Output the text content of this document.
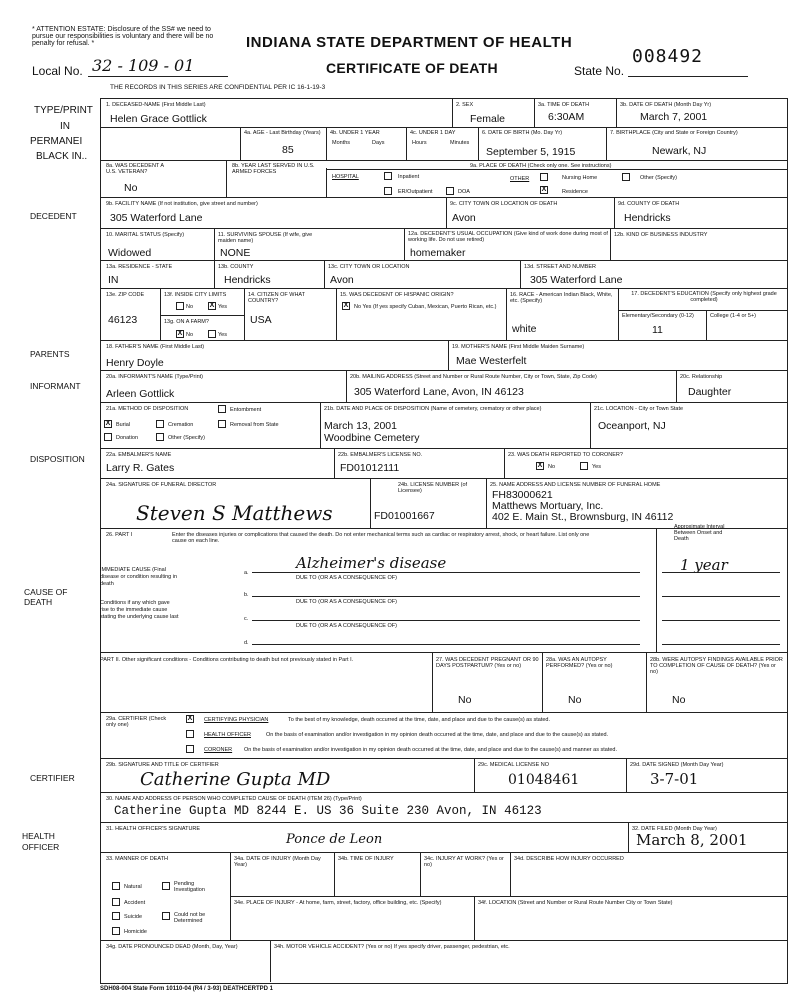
* ATTENTION ESTATE: Disclosure of the SS# we need to pursue our responsibilities is voluntary and there will be no penalty for refusal. *
Local No. 32 - 109 - 01
INDIANA STATE DEPARTMENT OF HEALTH
CERTIFICATE OF DEATH	State No.
008492
THE RECORDS IN THIS SERIES ARE CONFIDENTIAL PER IC 16-1-19-3
TYPE/PRINT
IN
PERMANEI
BLACK IN..
DECEDENT
PARENTS
INFORMANT
DISPOSITION
CAUSE OF
DEATH
CERTIFIER
HEALTH
OFFICER
1. DECEASED-NAME (First Middle Last)
Helen Grace Gottlick
2. SEX
Female
3a. TIME OF DEATH
6:30AM
3b. DATE OF DEATH (Month Day Yr)
March 7, 2001
4a. AGE - Last Birthday (Years)
85
4b. UNDER 1 YEAR
Months	Days
4c. UNDER 1 DAY
Hours	Minutes
6. DATE OF BIRTH (Mo. Day Yr)
September 5, 1915
7. BIRTHPLACE (City and State or Foreign Country)
Newark, NJ
8a. WAS DECEDENT A U.S. VETERAN?
No
8b. YEAR LAST SERVED IN U.S. ARMED FORCES
9a. PLACE OF DEATH (Check only one. See instructions)
HOSPITAL	Inpatient
ER/Outpatient	DOA
OTHER	Nursing Home	Other (Specify)
X	Residence
9b. FACILITY NAME (If not institution, give street and number)
305 Waterford Lane
9c. CITY TOWN OR LOCATION OF DEATH
Avon
9d. COUNTY OF DEATH
Hendricks
10. MARITAL STATUS (Specify)
Widowed
11. SURVIVING SPOUSE (If wife, give maiden name)
NONE
12a. DECEDENT'S USUAL OCCUPATION (Give kind of work done during most of working life. Do not use retired)
homemaker
12b. KIND OF BUSINESS INDUSTRY
13a. RESIDENCE - STATE
IN
13b. COUNTY
Hendricks
13c. CITY TOWN OR LOCATION
Avon
13d. STREET AND NUMBER
305 Waterford Lane
13e. ZIP CODE
46123
13f. INSIDE CITY LIMITS
No X Yes
13g. ON A FARM?
X No	Yes
14. CITIZEN OF WHAT COUNTRY?
USA
15. WAS DECEDENT OF HISPANIC ORIGIN?
X	No Yes (If yes specify Cuban, Mexican, Puerto Rican, etc.)
16. RACE - American Indian Black, White, etc. (Specify)
white
17. DECEDENT'S EDUCATION (Specify only highest grade completed)
Elementary/Secondary (0-12)	College (1-4 or 5+)
11
18. FATHER'S NAME (First Middle Last)
Henry Doyle
19. MOTHER'S NAME (First Middle Maiden Surname)
Mae Westerfelt
20a. INFORMANT'S NAME (Type/Print)
Arleen Gottlick
20b. MAILING ADDRESS (Street and Number or Rural Route Number, City or Town, State, Zip Code)
305 Waterford Lane, Avon, IN 46123
20c. Relationship
Daughter
21a. METHOD OF DISPOSITION	Entombment
X	Burial	Cremation	Removal from State
Donation	Other (Specify)
21b. DATE AND PLACE OF DISPOSITION (Name of cemetery, crematory or other place)
March 13, 2001
Woodbine Cemetery
21c. LOCATION - City or Town State
Oceanport, NJ
22a. EMBALMER'S NAME
Larry R. Gates
22b. EMBALMER'S LICENSE NO.
FD01012111
23. WAS DEATH REPORTED TO CORONER?
X	No	Yes
24a. SIGNATURE OF FUNERAL DIRECTOR
Steven S Matthews
24b. LICENSE NUMBER (of Licensee)
FD01001667
25. NAME ADDRESS AND LICENSE NUMBER OF FUNERAL HOME
FH83000621
Matthews Mortuary, Inc.
402 E. Main St., Brownsburg, IN 46112
26. PART I	Enter the diseases injuries or complications that caused the death. Do not enter mechanical terms such as cardiac or respiratory arrest, shock, or heart failure. List only one cause on each line.
Approximate Interval Between Onset and Death
IMMEDIATE CAUSE (Final disease or condition resulting in death
a.
Alzheimer's disease	1 year
DUE TO (OR AS A CONSEQUENCE OF)
Conditions if any which gave rise to the immediate cause stating the underlying cause last
b.
DUE TO (OR AS A CONSEQUENCE OF)
c.
DUE TO (OR AS A CONSEQUENCE OF)
d.
PART II. Other significant conditions - Conditions contributing to death but not previously stated in Part I.	27. WAS DECEDENT PREGNANT OR 90 DAYS POSTPARTUM? (Yes or no)
No
28a. WAS AN AUTOPSY PERFORMED? (Yes or no)
No
28b. WERE AUTOPSY FINDINGS AVAILABLE PRIOR TO COMPLETION OF CAUSE OF DEATH? (Yes or no)
No
29a. CERTIFIER (Check only one)
X	CERTIFYING PHYSICIAN	To the best of my knowledge, death occurred at the time, date, and place and due to the cause(s) as stated.
HEALTH OFFICER	On the basis of examination and/or investigation in my opinion death occurred at the time, date, and place and due to the cause(s) as stated.
CORONER On the basis of examination and/or investigation in my opinion death occurred at the time, date, and place and due to the cause(s) and manner as stated.
29b. SIGNATURE AND TITLE OF CERTIFIER
Catherine Gupta MD
29c. MEDICAL LICENSE NO
01048461
29d. DATE SIGNED (Month Day Year)
3-7-01
30. NAME AND ADDRESS OF PERSON WHO COMPLETED CAUSE OF DEATH (ITEM 26) (Type/Print)
Catherine Gupta MD 8244 E. US 36 Suite 230 Avon, IN 46123
31. HEALTH OFFICER'S SIGNATURE
Ponce de Leon
32. DATE FILED (Month Day Year)
March 8, 2001
33. MANNER OF DEATH
Natural	Pending Investigation
Accident
Suicide	Could not be Determined
Homicide
34a. DATE OF INJURY (Month Day Year)
34b. TIME OF INJURY	34c. INJURY AT WORK? (Yes or no)
34d. DESCRIBE HOW INJURY OCCURRED
34e. PLACE OF INJURY - At home, farm, street, factory, office building, etc. (Specify)	34f. LOCATION (Street and Number or Rural Route Number City or Town State)
34g. DATE PRONOUNCED DEAD (Month, Day, Year)	34h. MOTOR VEHICLE ACCIDENT? (Yes or no) If yes specify driver, passenger, pedestrian, etc.
SDH08-004 State Form 10110-04 (R4 / 3-93) DEATHCERTPD 1
